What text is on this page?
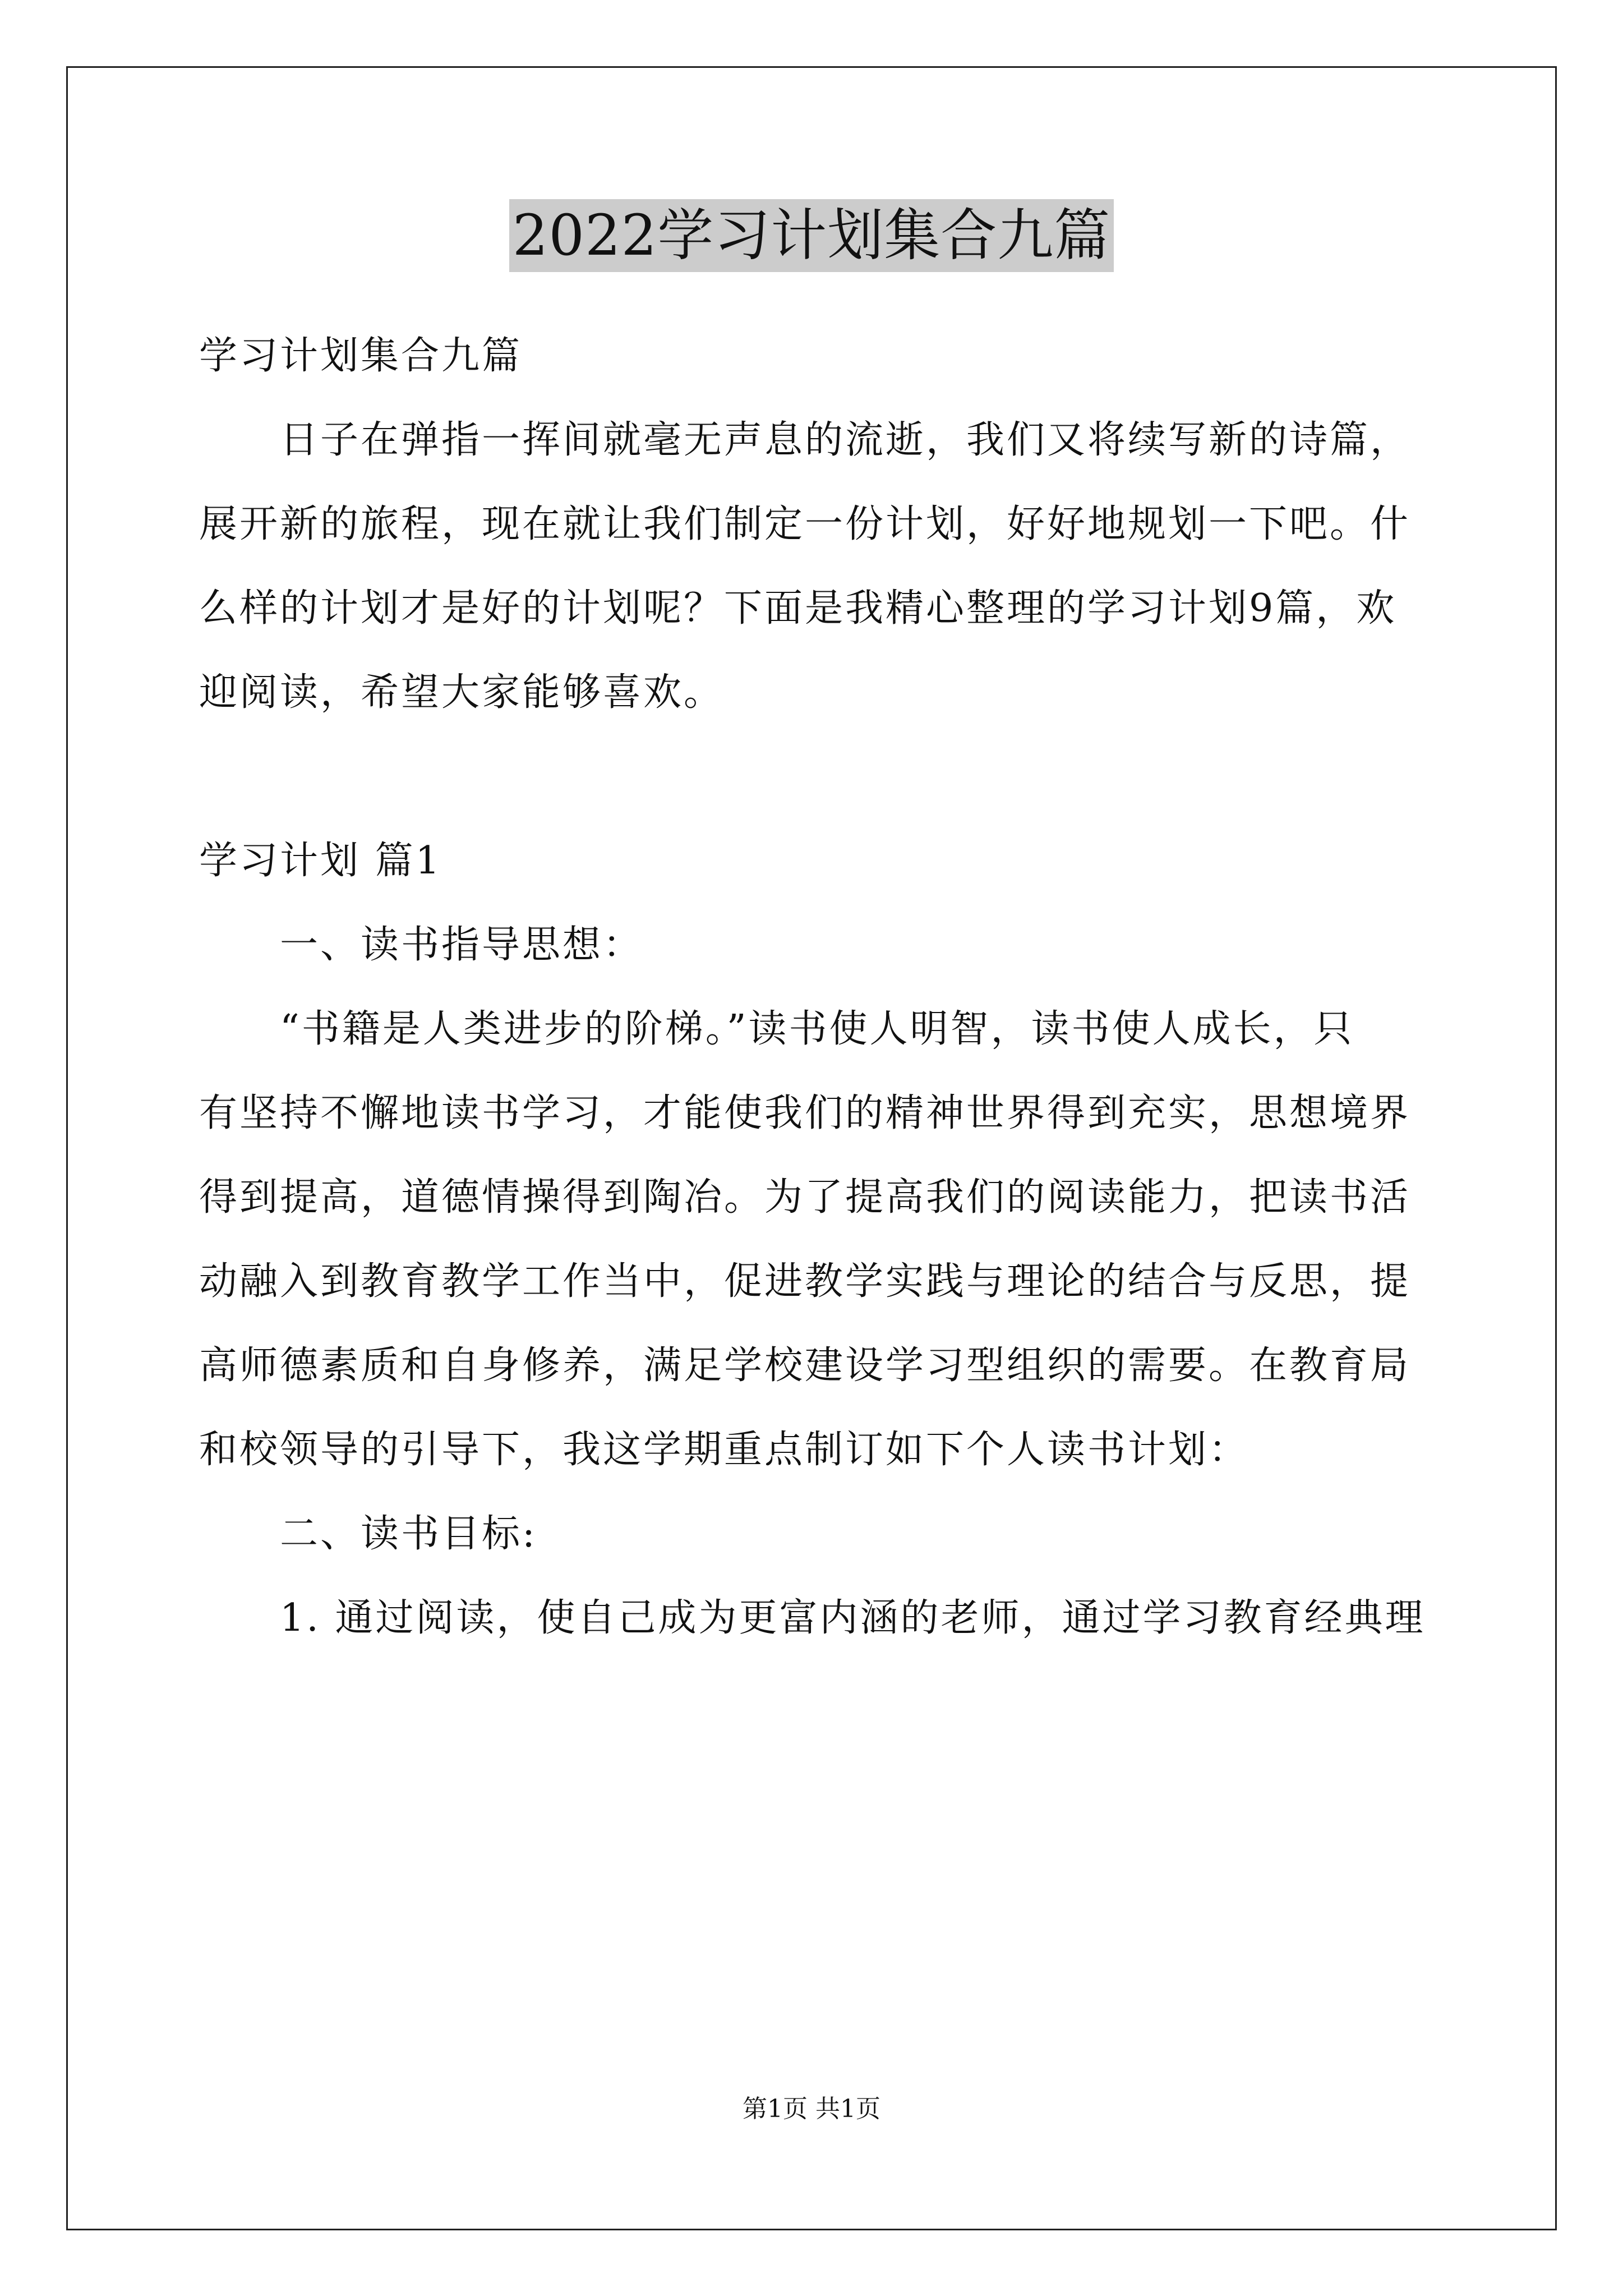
2022学习计划集合九篇
学习计划集合九篇
日子在弹指一挥间就毫无声息的流逝，我们又将续写新的诗篇，
展开新的旅程，现在就让我们制定一份计划，好好地规划一下吧。什
么样的计划才是好的计划呢？下面是我精心整理的学习计划9篇，欢
迎阅读，希望大家能够喜欢。
学习计划 篇1
一、读书指导思想：
“书籍是人类进步的阶梯。”读书使人明智，读书使人成长，只
有坚持不懈地读书学习，才能使我们的精神世界得到充实，思想境界
得到提高，道德情操得到陶冶。为了提高我们的阅读能力，把读书活
动融入到教育教学工作当中，促进教学实践与理论的结合与反思，提
高师德素质和自身修养，满足学校建设学习型组织的需要。在教育局
和校领导的引导下，我这学期重点制订如下个人读书计划：
二、读书目标:
1. 通过阅读，使自己成为更富内涵的老师，通过学习教育经典理
第1页 共1页
